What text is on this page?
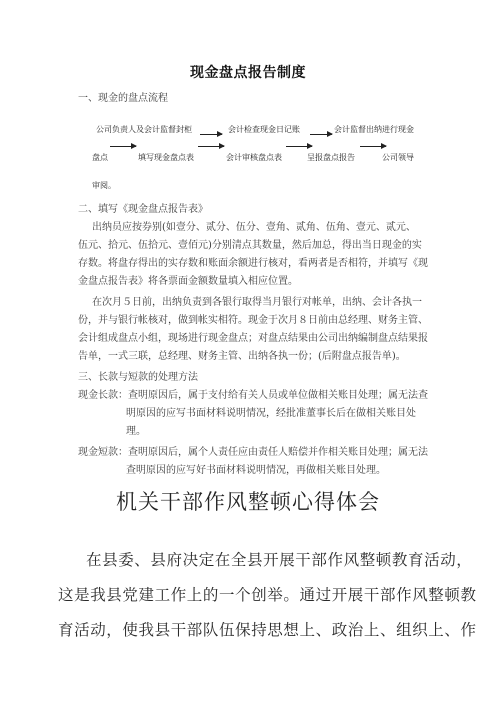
现金盘点报告制度
一、现金的盘点流程
公司负责人及会计监督封柜	会计检查现金日记账	会计监督出纳进行现金
盘点	填写现金盘点表	会计审核盘点表	呈报盘点报告	公司领导
审阅。
二、填写《现金盘点报告表》
出纳员应按券别(如壹分、贰分、伍分、壹角、贰角、伍角、壹元、贰元、
伍元、拾元、伍拾元、壹佰元)分别清点其数量，然后加总，得出当日现金的实
存数。将盘存得出的实存数和账面余额进行核对，看两者是否相符，并填写《现
金盘点报告表》将各票面金额数量填入相应位置。
在次月５日前，出纳负责到各银行取得当月银行对帐单，出纳、会计各执一
份，并与银行帐核对，做到帐实相符。现金于次月８日前由总经理、财务主管、
会计组成盘点小组，现场进行现金盘点；对盘点结果由公司出纳编制盘点结果报
告单，一式三联，总经理、财务主管、出纳各执一份；(后附盘点报告单)。
三、长款与短款的处理方法
现金长款：查明原因后，属于支付给有关人员或单位做相关账目处理；属无法查
明原因的应写书面材料说明情况，经批准董事长后在做相关账目处
理。
现金短款：查明原因后，属个人责任应由责任人赔偿并作相关账目处理；属无法
查明原因的应写好书面材料说明情况，再做相关账目处理。
机关干部作风整顿心得体会
在县委、县府决定在全县开展干部作风整顿教育活动，
这是我县党建工作上的一个创举。通过开展干部作风整顿教
育活动，使我县干部队伍保持思想上、政治上、组织上、作
